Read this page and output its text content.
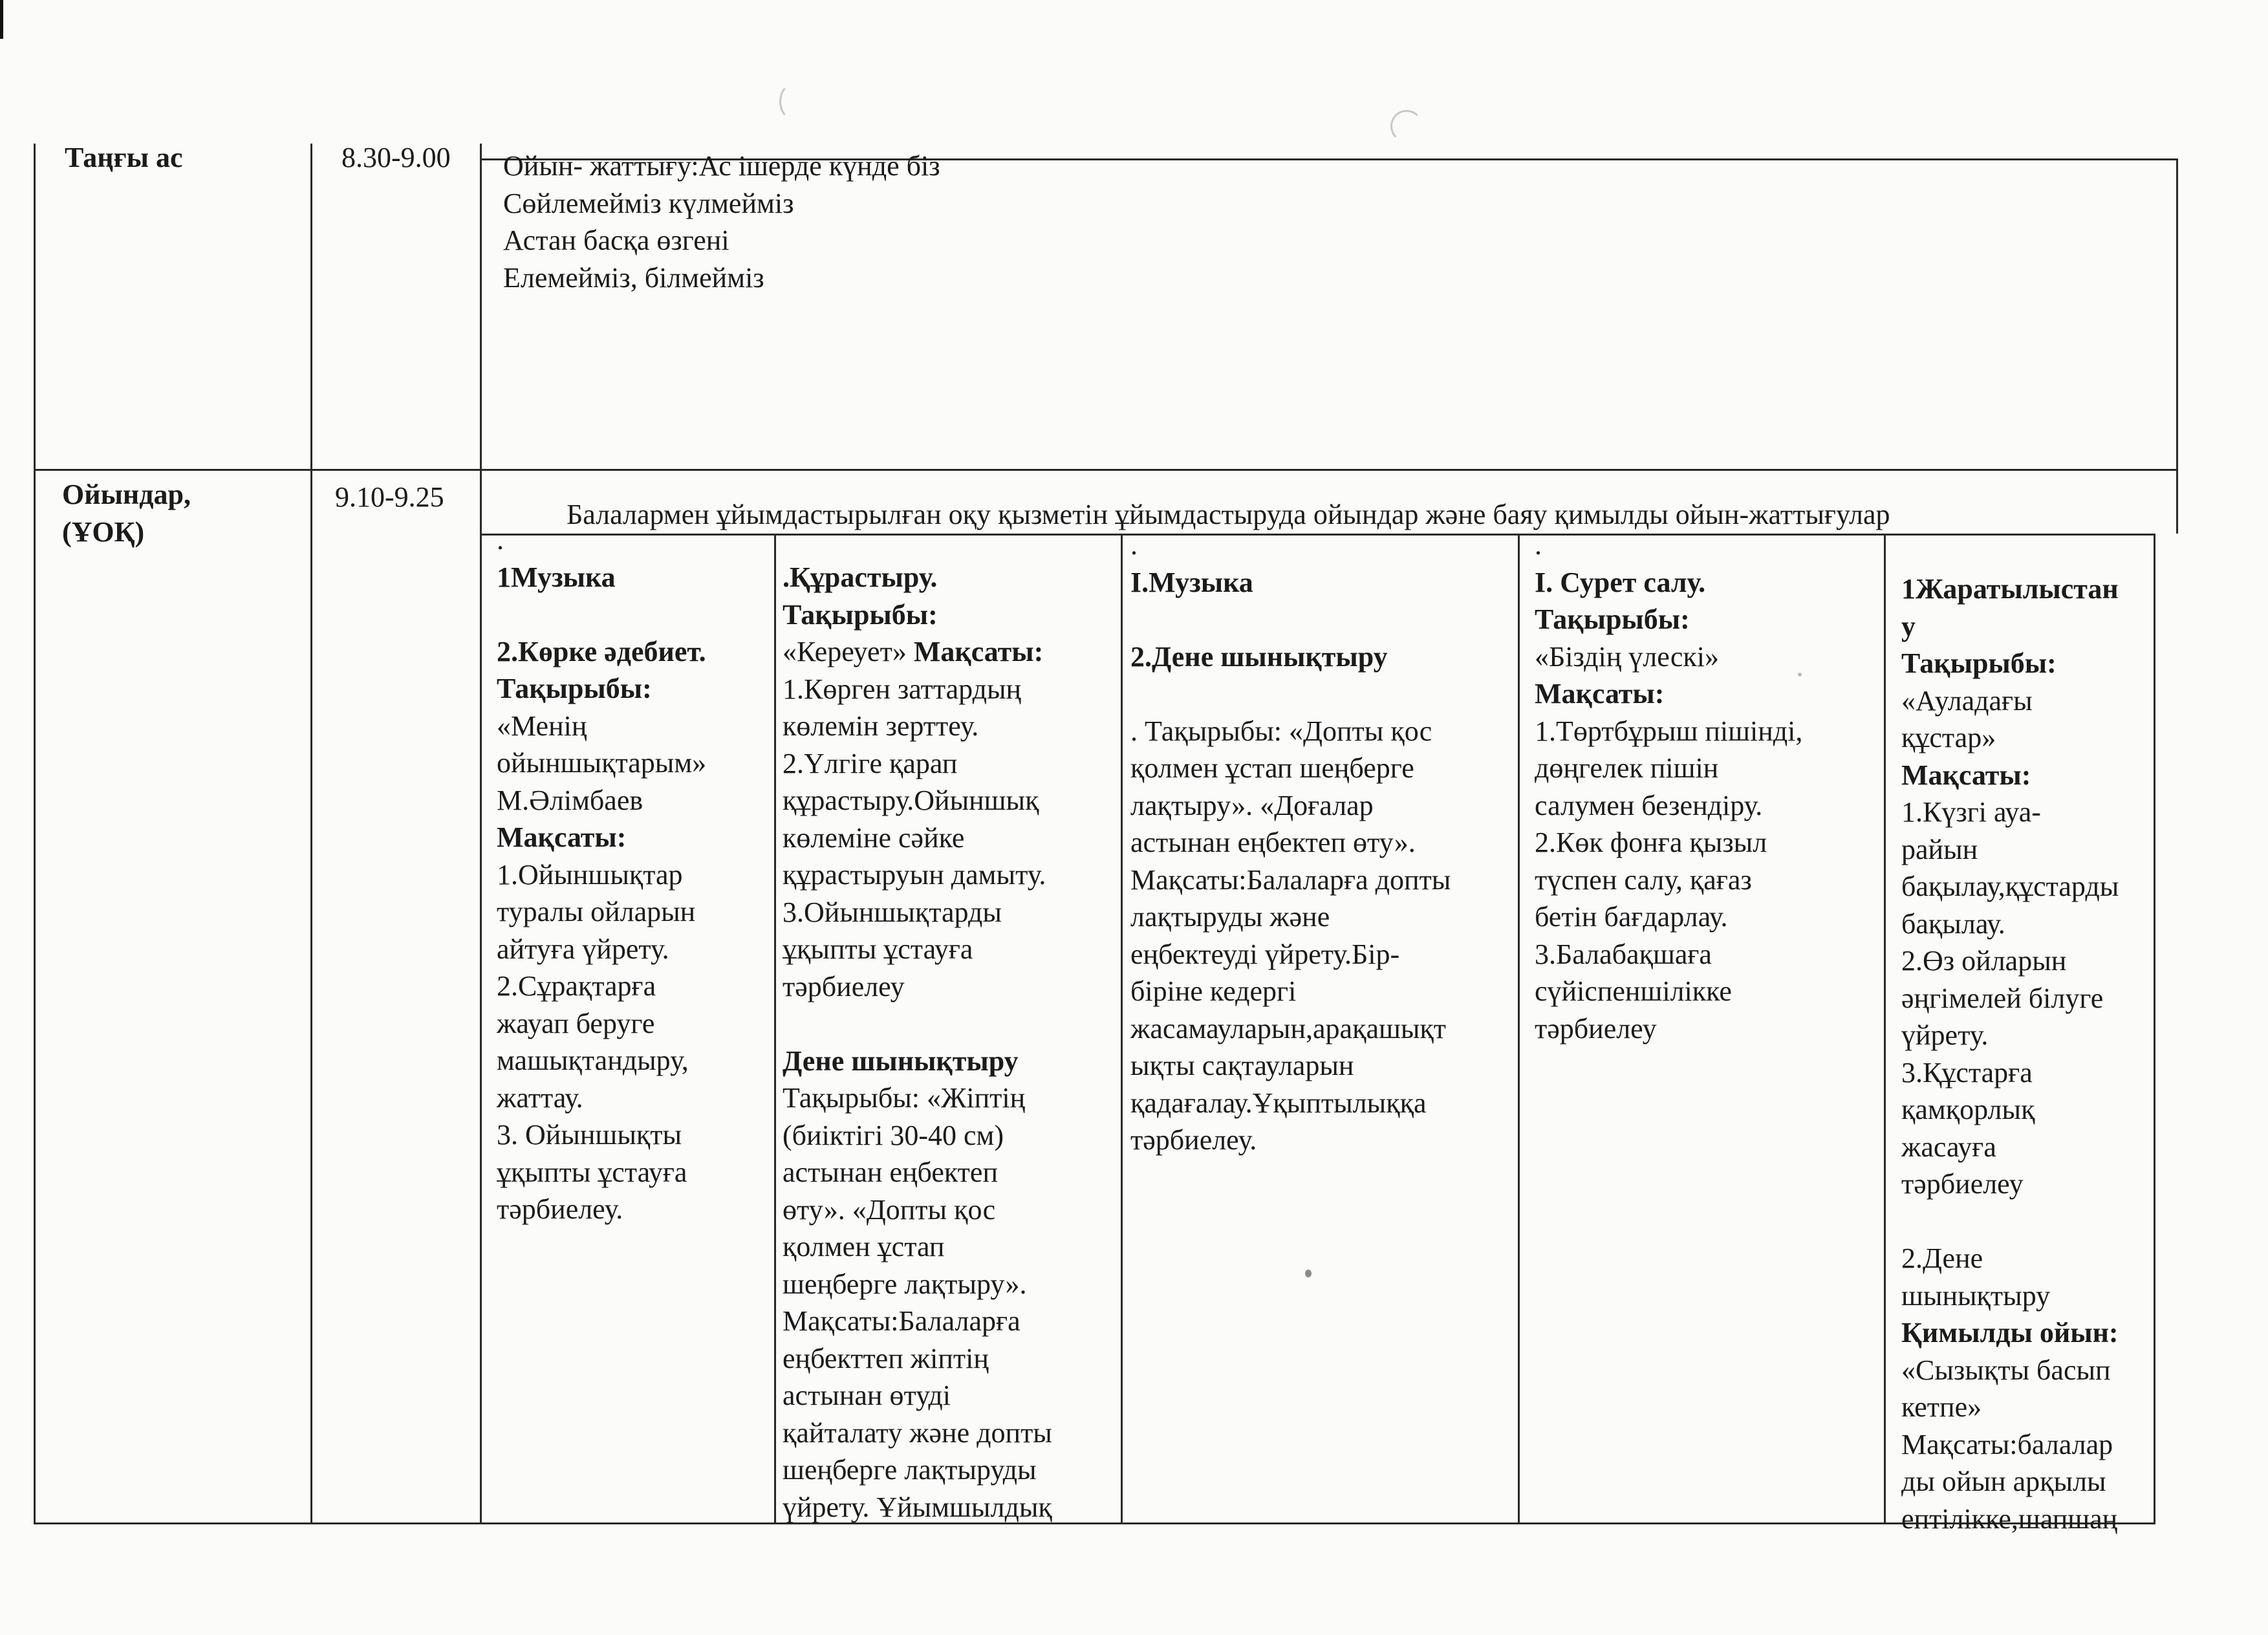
Таңғы ас	8.30-9.00 Ойын- жаттығу:Ас ішерде күнде біз
Сөйлемейміз күлмейміз
Астан басқа өзгені
Елемейміз, білмейміз
Ойындар,
(ҰОҚ)
9.10-9.25
Балалармен ұйымдастырылған оқу қызметін ұйымдастыруда ойындар және баяу қимылды ойын-жаттығулар
.
1Музыка

2.Көрке әдебиет.
Тақырыбы:
«Менің
ойыншықтарым»
М.Әлімбаев
Мақсаты:
1.Ойыншықтар
туралы ойларын
айтуға үйрету.
2.Сұрақтарға
жауап беруге
машықтандыру,
жаттау.
3. Ойыншықты
ұқыпты ұстауға
тәрбиелеу.
.Құрастыру.
Тақырыбы:
«Кереует» Мақсаты:
1.Көрген заттардың
көлемін зерттеу.
2.Үлгіге қарап
құрастыру.Ойыншық
көлеміне сәйке
құрастыруын дамыту.
3.Ойыншықтарды
ұқыпты ұстауға
тәрбиелеу

Дене шынықтыру
Тақырыбы: «Жіптің
(биіктігі 30-40 см)
астынан еңбектеп
өту». «Допты қос
қолмен ұстап
шеңберге лақтыру».
Мақсаты:Балаларға
еңбекттеп жіптің
астынан өтуді
қайталату және допты
шеңберге лақтыруды
үйрету. Ұйымшылдық
.
І.Музыка

2.Дене шынықтыру

. Тақырыбы: «Допты қос
қолмен ұстап шеңберге
лақтыру». «Доғалар
астынан еңбектеп өту».
Мақсаты:Балаларға допты
лақтыруды және
еңбектеуді үйрету.Бір-
біріне кедергі
жасамауларын,арақашықт
ықты сақтауларын
қадағалау.Ұқыптылыққа
тәрбиелеу.
.
І. Сурет салу.
Тақырыбы:
«Біздің үлескі»
Мақсаты:
1.Төртбұрыш пішінді,
дөңгелек пішін
салумен безендіру.
2.Көк фонға қызыл
түспен салу, қағаз
бетін бағдарлау.
3.Балабақшаға
сүйіспеншілікке
тәрбиелеу
1Жаратылыстан
у
Тақырыбы:
«Ауладағы
құстар»
Мақсаты:
1.Күзгі ауа-
райын
бақылау,құстарды
бақылау.
2.Өз ойларын
әңгімелей білуге
үйрету.
3.Құстарға
қамқорлық
жасауға
тәрбиелеу

2.Дене
шынықтыру
Қимылды ойын:
«Сызықты басып
кетпе»
Мақсаты:балалар
ды ойын арқылы
ептілікке,шапшаң
